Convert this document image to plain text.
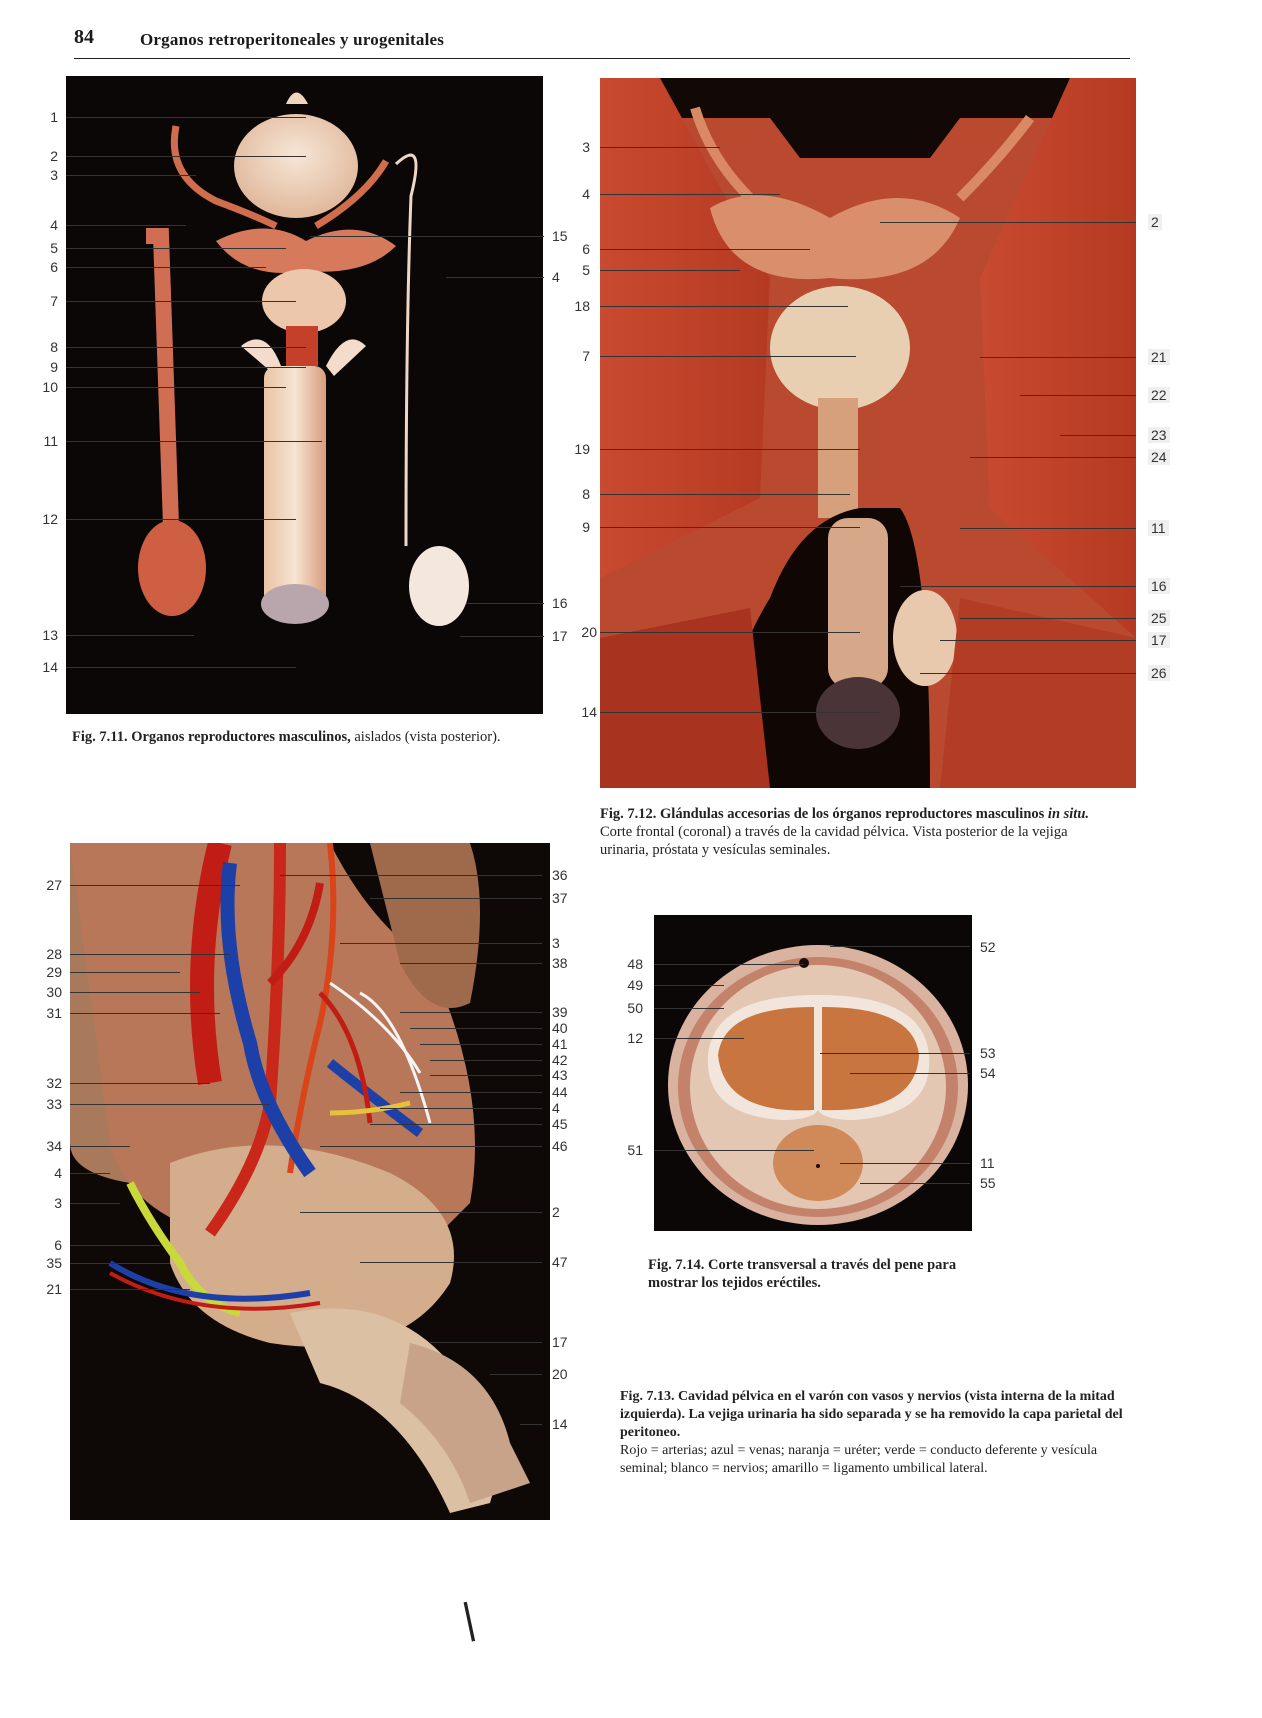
84	Organos retroperitoneales y urogenitales
1
2
3
4
5
6
7
8
9
10
11
12
13
14
15
4
16
17
Fig. 7.11. Organos reproductores masculinos, aislados (vista posterior).
3
4
6
5
18
7
19
8
9
20
14
2
21
22
23
24
11
16
25
17
26
Fig. 7.12. Glándulas accesorias de los órganos reproductores masculinos in situ. Corte frontal (coronal) a través de la cavidad pélvica. Vista posterior de la vejiga urinaria, próstata y vesículas seminales.
27
28
29
30
31
32
33
34
4
3
6
35
21
36
37
3
38
39
40
41
42
43
44
4
45
46
2
47
17
20
14
Fig. 7.13. Cavidad pélvica en el varón con vasos y nervios (vista interna de la mitad izquierda). La vejiga urinaria ha sido separada y se ha removido la capa parietal del peritoneo.
Rojo = arterias; azul = venas; naranja = uréter; verde = conducto deferente y vesícula seminal; blanco = nervios; amarillo = ligamento umbilical lateral.
48
49
50
12
51
52
53
54
11
55
Fig. 7.14. Corte transversal a través del pene para mostrar los tejidos eréctiles.
❘
